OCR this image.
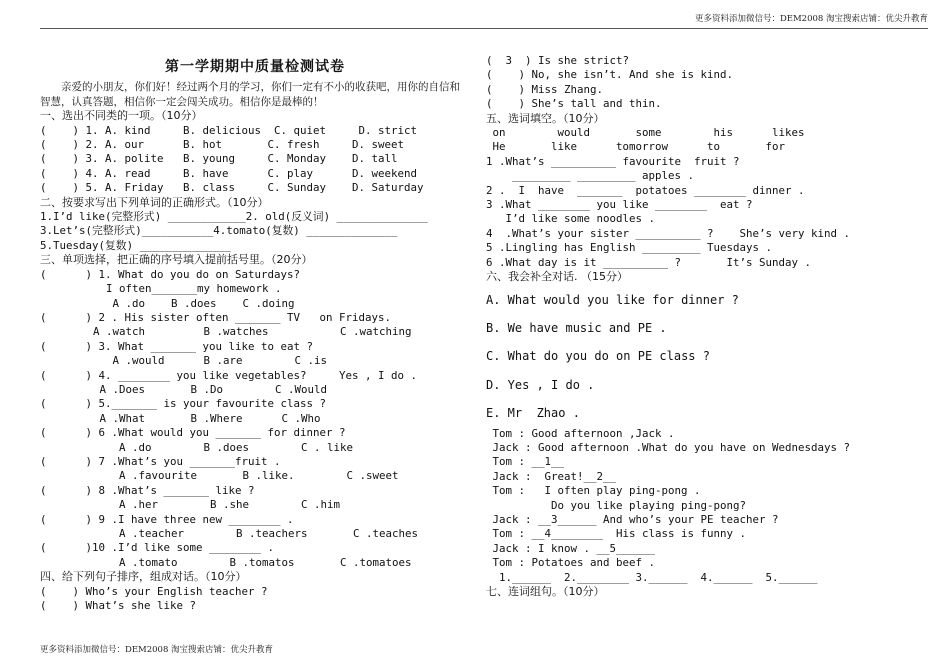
更多资料添加微信号：DEM2008 淘宝搜索店铺：优尖升教育
第一学期期中质量检测试卷
亲爱的小朋友，你们好！经过两个月的学习，你们一定有不小的收获吧，用你的自信和智慧，认真答题，相信你一定会闯关成功。相信你是最棒的！
一、选出不同类的一项。（10分）
(    ) 1. A. kind     B. delicious  C. quiet     D. strict
(    ) 2. A. our      B. hot       C. fresh     D. sweet
(    ) 3. A. polite   B. young     C. Monday    D. tall
(    ) 4. A. read     B. have      C. play      D. weekend
(    ) 5. A. Friday   B. class     C. Sunday    D. Saturday
二、按要求写出下列单词的正确形式。（10分）
1.I’d like(完整形式) ____________2. old(反义词) ______________
3.Let’s(完整形式)___________4.tomato(复数) ______________
5.Tuesday(复数) ______________
三、单项选择，把正确的序号填入提前括号里。（20分）
(      ) 1. What do you do on Saturdays?
I often_______my homework .
A .do    B .does    C .doing
(      ) 2 . His sister often _______ TV   on Fridays.
A .watch         B .watches           C .watching
(      ) 3. What _______ you like to eat ?
A .would      B .are        C .is
(      ) 4. ________ you like vegetables?     Yes , I do .
A .Does       B .Do        C .Would
(      ) 5._______ is your favourite class ?
A .What       B .Where      C .Who
(      ) 6 .What would you _______ for dinner ?
A .do        B .does        C . like
(      ) 7 .What’s you _______fruit .
A .favourite       B .like.        C .sweet
(      ) 8 .What’s _______ like ?
A .her        B .she        C .him
(      ) 9 .I have three new ________ .
A .teacher        B .teachers       C .teaches
(      )10 .I’d like some ________ .
A .tomato        B .tomatos       C .tomatoes
四、给下列句子排序，组成对话。（10分）
(    ) Who’s your English teacher ?
(    ) What’s she like ?
(  3  ) Is she strict?
(    ) No, she isn’t. And she is kind.
(    ) Miss Zhang.
(    ) She’s tall and thin.
五、选词填空。（10分）
on        would       some        his      likes
He       like      tomorrow      to       for
1 .What’s __________ favourite  fruit ?
_________ _________ apples .
2 .  I  have  _______  potatoes ________ dinner .
3 .What ________ you like ________  eat ?
I’d like some noodles .
4  .What’s your sister __________ ?    She’s very kind .
5 .Lingling has English _________ Tuesdays .
6 .What day is it __________ ?       It’s Sunday .
六、我会补全对话. （15分）
A. What would you like for dinner ?
B. We have music and PE .
C. What do you do on PE class ?
D. Yes , I do .
E. Mr  Zhao .
Tom : Good afternoon ,Jack .
Jack : Good afternoon .What do you have on Wednesdays ?
Tom : __1__
Jack :  Great!__2__
Tom :   I often play ping-pong .
Do you like playing ping-pong?
Jack : __3______ And who’s your PE teacher ?
Tom : __4________  His class is funny .
Jack : I know . __5______
Tom : Potatoes and beef .
1.______  2.________ 3.______  4.______  5.______
七、连词组句。（10分）
更多资料添加微信号：DEM2008 淘宝搜索店铺：优尖升教育
